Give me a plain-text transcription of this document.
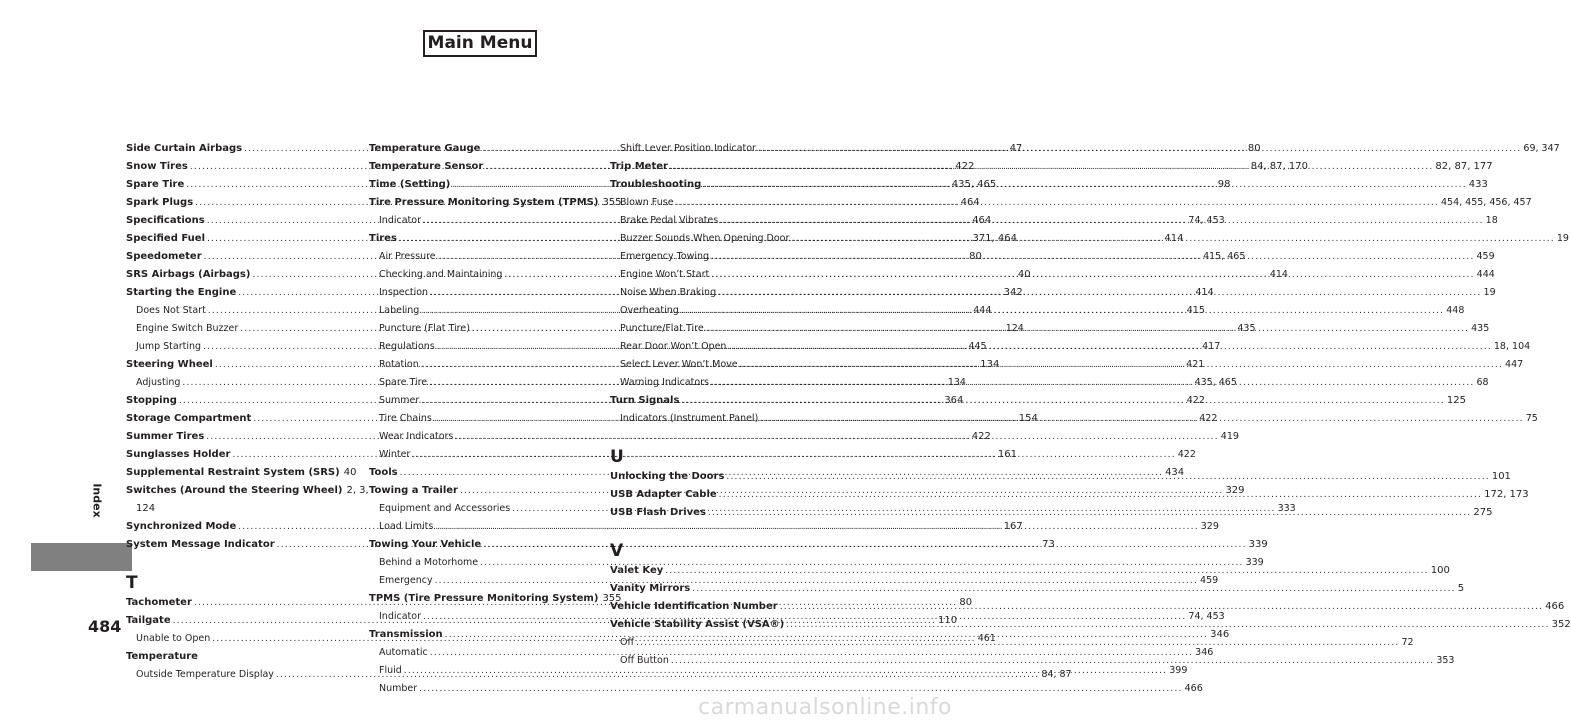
Main Menu
Index
484
Side Curtain Airbags .....	47
Snow Tires .....	422
Spare Tire .....	435, 465
Spark Plugs .....	464
Specifications .....	464
Specified Fuel .....	371, 464
Speedometer .....	80
SRS Airbags (Airbags) .....	40
Starting the Engine .....	342
Does Not Start .....	444
Engine Switch Buzzer .....	124
Jump Starting .....	445
Steering Wheel .....	134
Adjusting .....	134
Stopping .....	364
Storage Compartment .....	154
Summer Tires .....	422
Sunglasses Holder .....	161
Supplemental Restraint System (SRS) 40
Switches (Around the Steering Wheel) 2, 3,
124
Synchronized Mode .....	167
System Message Indicator .....	73
T
Tachometer .....	80
Tailgate .....	110
Unable to Open .....	461
Temperature
Outside Temperature Display .....	84, 87
Temperature Gauge .....	80
Temperature Sensor .....	84, 87, 170
Time (Setting) .....	98
Tire Pressure Monitoring System (TPMS) 355
Indicator .....	74, 453
Tires .....	414
Air Pressure .....	415, 465
Checking and Maintaining .....	414
Inspection .....	414
Labeling .....	415
Puncture (Flat Tire) .....	435
Regulations .....	417
Rotation .....	421
Spare Tire .....	435, 465
Summer .....	422
Tire Chains .....	422
Wear Indicators .....	419
Winter .....	422
Tools .....	434
Towing a Trailer .....	329
Equipment and Accessories .....	333
Load Limits .....	329
Towing Your Vehicle .....	339
Behind a Motorhome .....	339
Emergency .....	459
TPMS (Tire Pressure Monitoring System) 355
Indicator .....	74, 453
Transmission .....	346
Automatic .....	346
Fluid .....	399
Number .....	466
Shift Lever Position Indicator .....	69, 347
Trip Meter .....	82, 87, 177
Troubleshooting .....	433
Blown Fuse .....	454, 455, 456, 457
Brake Pedal Vibrates .....	18
Buzzer Sounds When Opening Door .....	19
Emergency Towing .....	459
Engine Won’t Start .....	444
Noise When Braking .....	19
Overheating .....	448
Puncture/Flat Tire .....	435
Rear Door Won’t Open .....	18, 104
Select Lever Won’t Move .....	447
Warning Indicators .....	68
Turn Signals .....	125
Indicators (Instrument Panel) .....	75
U
Unlocking the Doors .....	101
USB Adapter Cable .....	172, 173
USB Flash Drives .....	275
V
Valet Key .....	100
Vanity Mirrors .....	5
Vehicle Identification Number .....	466
Vehicle Stability Assist (VSA®) .....	352
Off .....	72
Off Button .....	353
carmanualsonline.info
